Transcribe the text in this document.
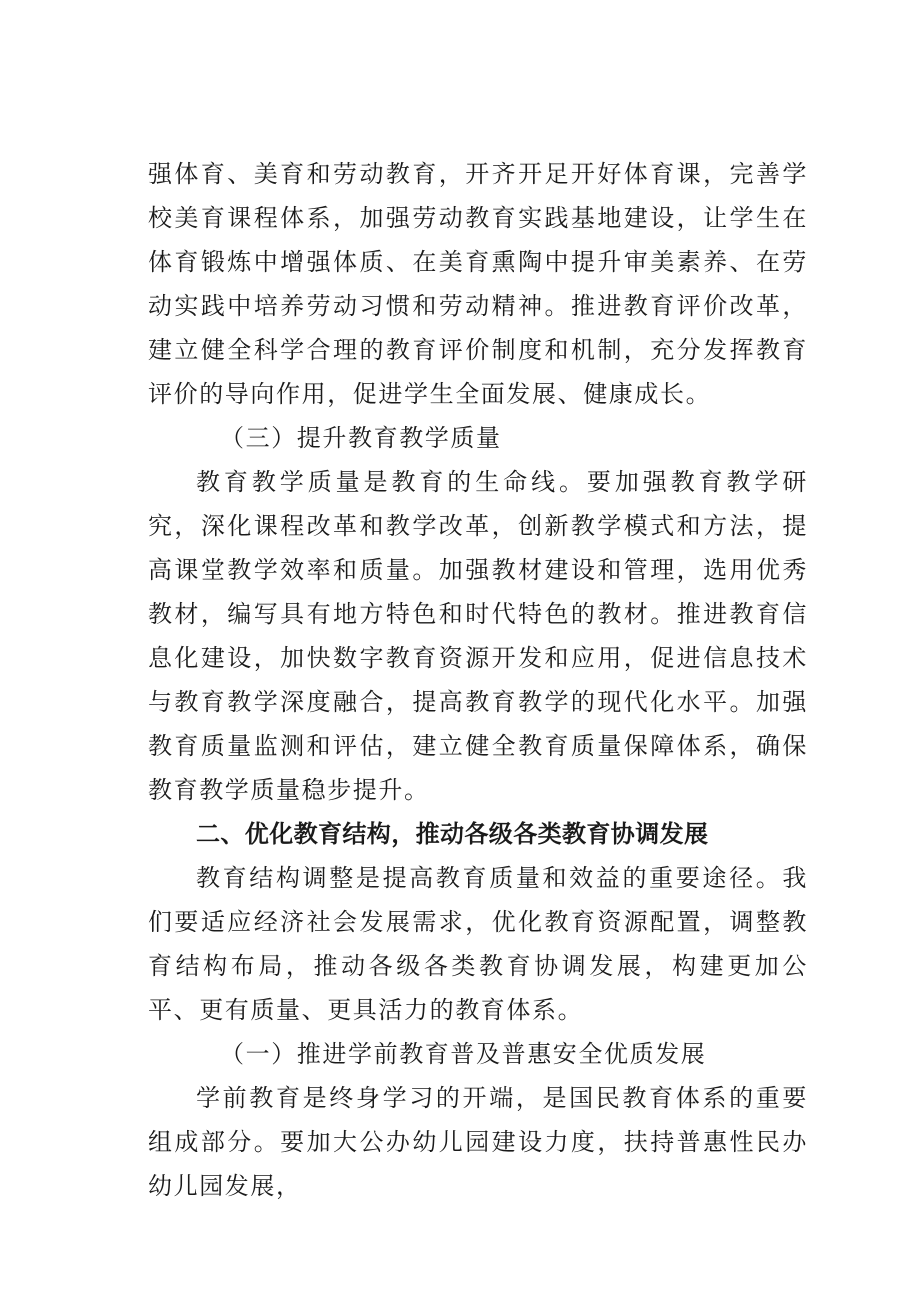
强体育、美育和劳动教育，开齐开足开好体育课，完善学校美育课程体系，加强劳动教育实践基地建设，让学生在体育锻炼中增强体质、在美育熏陶中提升审美素养、在劳动实践中培养劳动习惯和劳动精神。推进教育评价改革，建立健全科学合理的教育评价制度和机制，充分发挥教育评价的导向作用，促进学生全面发展、健康成长。

（三）提升教育教学质量

教育教学质量是教育的生命线。要加强教育教学研究，深化课程改革和教学改革，创新教学模式和方法，提高课堂教学效率和质量。加强教材建设和管理，选用优秀教材，编写具有地方特色和时代特色的教材。推进教育信息化建设，加快数字教育资源开发和应用，促进信息技术与教育教学深度融合，提高教育教学的现代化水平。加强教育质量监测和评估，建立健全教育质量保障体系，确保教育教学质量稳步提升。

二、优化教育结构，推动各级各类教育协调发展

教育结构调整是提高教育质量和效益的重要途径。我们要适应经济社会发展需求，优化教育资源配置，调整教育结构布局，推动各级各类教育协调发展，构建更加公平、更有质量、更具活力的教育体系。

（一）推进学前教育普及普惠安全优质发展

学前教育是终身学习的开端，是国民教育体系的重要组成部分。要加大公办幼儿园建设力度，扶持普惠性民办幼儿园发展，
